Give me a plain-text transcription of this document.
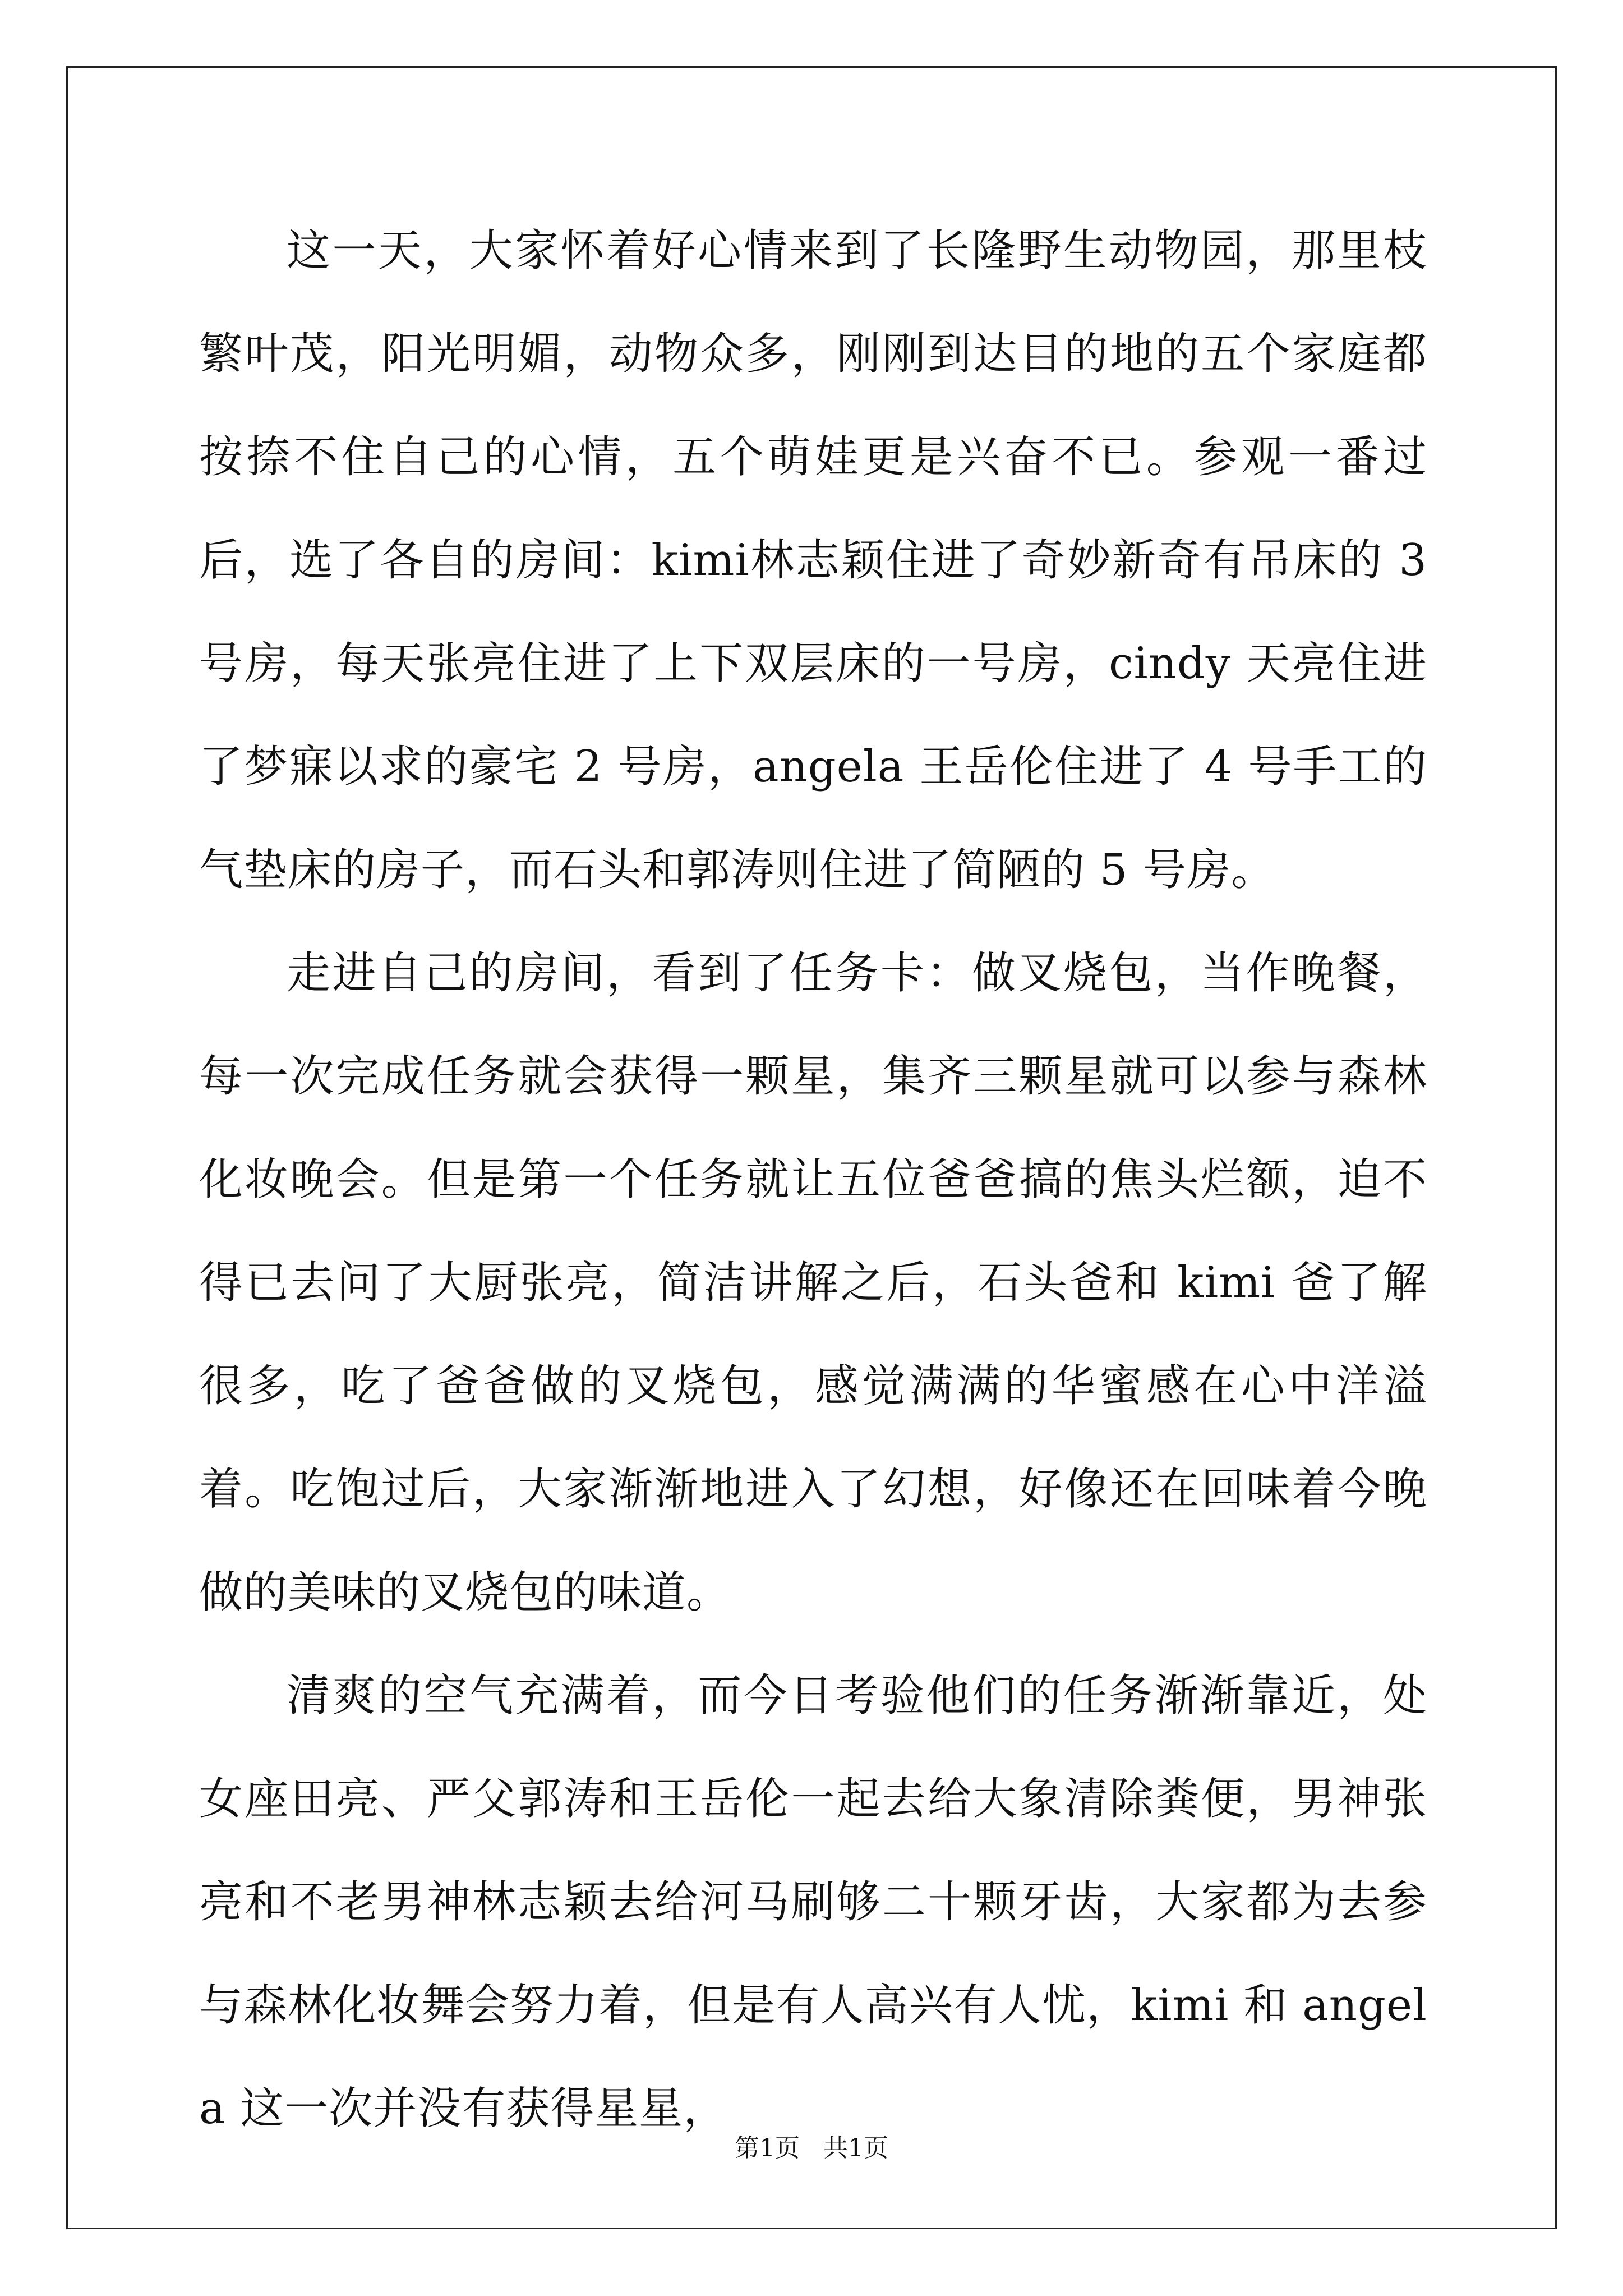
这一天，大家怀着好心情来到了长隆野生动物园，那里枝繁叶茂，阳光明媚，动物众多，刚刚到达目的地的五个家庭都按捺不住自己的心情，五个萌娃更是兴奋不已。参观一番过后，选了各自的房间：kimi林志颖住进了奇妙新奇有吊床的 3 号房，每天张亮住进了上下双层床的一号房，cindy 天亮住进了梦寐以求的豪宅 2 号房，angela 王岳伦住进了 4 号手工的气垫床的房子，而石头和郭涛则住进了简陋的 5 号房。

走进自己的房间，看到了任务卡：做叉烧包，当作晚餐，每一次完成任务就会获得一颗星，集齐三颗星就可以参与森林化妆晚会。但是第一个任务就让五位爸爸搞的焦头烂额，迫不得已去问了大厨张亮，简洁讲解之后，石头爸和 kimi 爸了解很多，吃了爸爸做的叉烧包，感觉满满的华蜜感在心中洋溢着。吃饱过后，大家渐渐地进入了幻想，好像还在回味着今晚做的美味的叉烧包的味道。

清爽的空气充满着，而今日考验他们的任务渐渐靠近，处女座田亮、严父郭涛和王岳伦一起去给大象清除粪便，男神张亮和不老男神林志颖去给河马刷够二十颗牙齿，大家都为去参与森林化妆舞会努力着，但是有人高兴有人忧，kimi 和 angela 这一次并没有获得星星，

第1页   共1页
